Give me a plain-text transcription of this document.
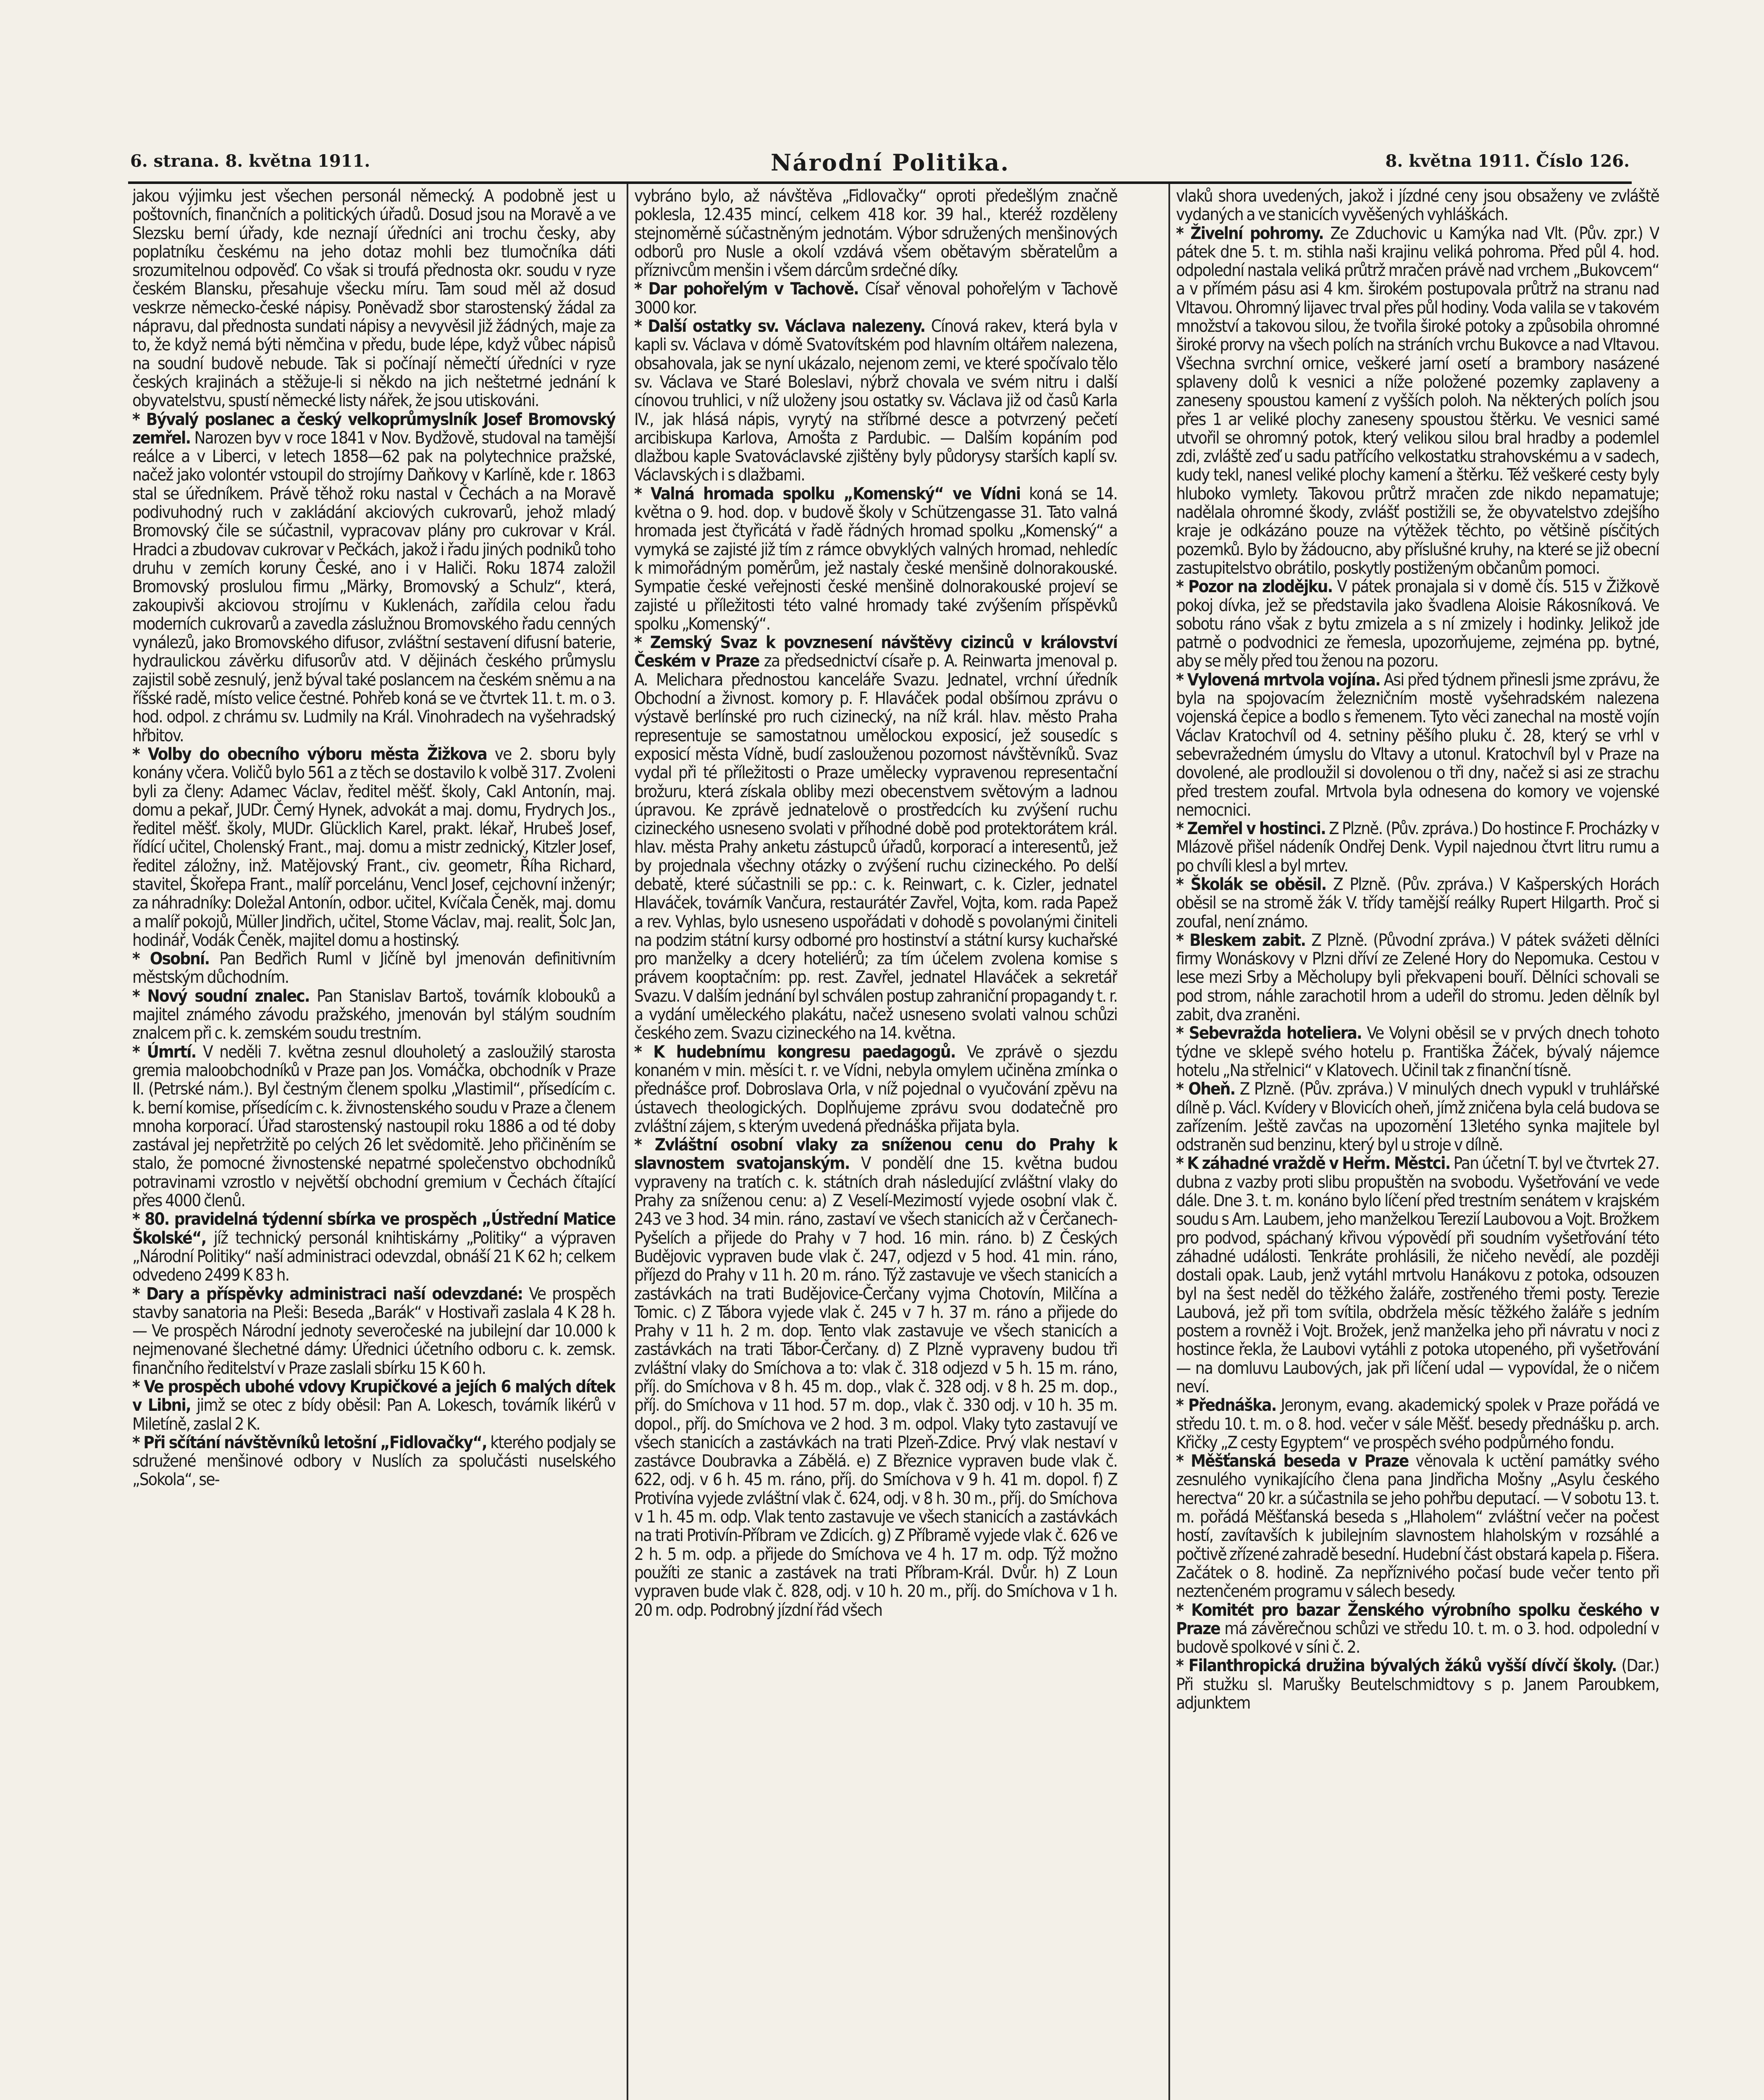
6. strana. 8. května 1911.	Národní Politika.	8. května 1911. Číslo 126.

jakou výjimku jest všechen personál německý. A podobně jest u poštovních, finančních a politických úřadů. Dosud jsou na Moravě a ve Slezsku berní úřady, kde neznají úředníci ani trochu česky, aby poplatníku českému na jeho dotaz mohli bez tlumočníka dáti srozumitelnou odpověď. Co však si troufá přednosta okr. soudu v ryze českém Blansku, přesahuje všecku míru. Tam soud měl až dosud veskrze německo-české nápisy. Poněvadž sbor starostenský žádal za nápravu, dal přednosta sundati nápisy a nevyvěsil již žádných, maje za to, že když nemá býti němčina v předu, bude lépe, když vůbec nápisů na soudní budově nebude. Tak si počínají němečtí úředníci v ryze českých krajinách a stěžuje-li si někdo na jich neštetrné jednání k obyvatelstvu, spustí německé listy nářek, že jsou utiskováni.

* Bývalý poslanec a český velkoprůmyslník Josef Bromovský zemřel. Narozen byv v roce 1841 v Nov. Bydžově, studoval na tamější reálce a v Liberci, v letech 1858—62 pak na polytechnice pražské, načež jako volontér vstoupil do strojírny Daňkovy v Karlíně, kde r. 1863 stal se úředníkem. Právě těhož roku nastal v Čechách a na Moravě podivuhodný ruch v zakládání akciových cukrovarů, jehož mladý Bromovský čile se súčastnil, vypracovav plány pro cukrovar v Král. Hradci a zbudovav cukrovar v Pečkách, jakož i řadu jiných podniků toho druhu v zemích koruny České, ano i v Haliči. Roku 1874 založil Bromovský proslulou firmu „Märky, Bromovský a Schulz“, která, zakoupivši akciovou strojírnu v Kuklenách, zařídila celou řadu moderních cukrovarů a zavedla záslužnou Bromovského řadu cenných vynálezů, jako Bromovského difusor, zvláštní sestavení difusní baterie, hydraulickou závěrku difusorův atd. V dějinách českého průmyslu zajistil sobě zesnulý, jenž býval také poslancem na českém sněmu a na říšské radě, místo velice čestné. Pohřeb koná se ve čtvrtek 11. t. m. o 3. hod. odpol. z chrámu sv. Ludmily na Král. Vinohradech na vyšehradský hřbitov.

* Volby do obecního výboru města Žižkova ve 2. sboru byly konány včera. Voličů bylo 561 a z těch se dostavilo k volbě 317. Zvoleni byli za členy: Adamec Václav, ředitel měšť. školy, Cakl Antonín, maj. domu a pekař, JUDr. Černý Hynek, advokát a maj. domu, Frydrych Jos., ředitel měšť. školy, MUDr. Glücklich Karel, prakt. lékař, Hrubeš Josef, řídící učitel, Cholenský Frant., maj. domu a mistr zednický, Kitzler Josef, ředitel záložny, inž. Matějovský Frant., civ. geometr, Říha Richard, stavitel, Škořepa Frant., malíř porcelánu, Vencl Josef, cejchovní inženýr; za náhradníky: Doležal Antonín, odbor. učitel, Kvíčala Čeněk, maj. domu a malíř pokojů, Müller Jindřich, učitel, Stome Václav, maj. realit, Šolc Jan, hodinář, Vodák Čeněk, majitel domu a hostinský.

* Osobní. Pan Bedřich Ruml v Jičíně byl jmenován definitivním městským důchodním.

* Nový soudní znalec. Pan Stanislav Bartoš, továrník klobouků a majitel známého závodu pražského, jmenován byl stálým soudním znalcem při c. k. zemském soudu trestním.

* Úmrtí. V neděli 7. května zesnul dlouholetý a zasloužilý starosta gremia maloobchodníků v Praze pan Jos. Vomáčka, obchodník v Praze II. (Petrské nám.). Byl čestným členem spolku „Vlastimil“, přísedícím c. k. berní komise, přísedícím c. k. živnostenského soudu v Praze a členem mnoha korporací. Úřad starostenský nastoupil roku 1886 a od té doby zastával jej nepřetržitě po celých 26 let svědomitě. Jeho přičiněním se stalo, že pomocné živnostenské nepatrné společenstvo obchodníků potravinami vzrostlo v největší obchodní gremium v Čechách čítající přes 4000 členů.

* 80. pravidelná týdenní sbírka ve prospěch „Ústřední Matice Školské“, jíž technický personál knihtiskárny „Politiky“ a výpraven „Národní Politiky“ naší administraci odevzdal, obnáší 21 K 62 h; celkem odvedeno 2499 K 83 h.

* Dary a příspěvky administraci naší odevzdané: Ve prospěch stavby sanatoria na Pleši: Beseda „Barák“ v Hostivaři zaslala 4 K 28 h. — Ve prospěch Národní jednoty severočeské na jubilejní dar 10.000 k nejmenované šlechetné dámy: Úřednici účetního odboru c. k. zemsk. finančního ředitelství v Praze zaslali sbírku 15 K 60 h.

* Ve prospěch ubohé vdovy Krupičkové a jejích 6 malých dítek v Libni, jimž se otec z bídy oběsil: Pan A. Lokesch, továrník likérů v Miletíně, zaslal 2 K.

* Při sčítání návštěvníků letošní „Fidlovačky“, kterého podjaly se sdružené menšinové odbory v Nuslích za spolučásti nuselského „Sokola“, se-

vybráno bylo, až návštěva „Fidlovačky“ oproti předešlým značně poklesla, 12.435 mincí, celkem 418 kor. 39 hal., kteréž rozděleny stejnoměrně súčastněným jednotám. Výbor sdružených menšinových odborů pro Nusle a okolí vzdává všem obětavým sběratelům a příznivcům menšin i všem dárcům srdečné díky.

* Dar pohořelým v Tachově. Císař věnoval pohořelým v Tachově 3000 kor.

* Další ostatky sv. Václava nalezeny. Cínová rakev, která byla v kapli sv. Václava v dómě Svatovítském pod hlavním oltářem nalezena, obsahovala, jak se nyní ukázalo, nejenom zemi, ve které spočívalo tělo sv. Václava ve Staré Boleslavi, nýbrž chovala ve svém nitru i další cínovou truhlici, v níž uloženy jsou ostatky sv. Václava již od časů Karla IV., jak hlásá nápis, vyrytý na stříbrné desce a potvrzený pečetí arcibiskupa Karlova, Arnošta z Pardubic. — Dalším kopáním pod dlažbou kaple Svatováclavské zjištěny byly půdorysy starších kaplí sv. Václavských i s dlažbami.

* Valná hromada spolku „Komenský“ ve Vídni koná se 14. května o 9. hod. dop. v budově školy v Schützengasse 31. Tato valná hromada jest čtyřicátá v řadě řádných hromad spolku „Komenský“ a vymyká se zajisté již tím z rámce obvyklých valných hromad, nehledíc k mimořádným poměrům, jež nastaly české menšině dolnorakouské. Sympatie české veřejnosti české menšině dolnorakouské projeví se zajisté u příležitosti této valné hromady také zvýšením příspěvků spolku „Komenský“.

* Zemský Svaz k povznesení návštěvy cizinců v království Českém v Praze za předsednictví císaře p. A. Reinwarta jmenoval p. A. Melichara přednostou kanceláře Svazu. Jednatel, vrchní úředník Obchodní a živnost. komory p. F. Hlaváček podal obšírnou zprávu o výstavě berlínské pro ruch cizinecký, na níž král. hlav. město Praha representuje se samostatnou umělockou exposicí, jež sousedíc s exposicí města Vídně, budí zaslouženou pozornost návštěvníků. Svaz vydal při té příležitosti o Praze umělecky vypravenou representační brožuru, která získala obliby mezi obecenstvem světovým a ladnou úpravou. Ke zprávě jednatelově o prostředcích ku zvýšení ruchu cizineckého usneseno svolati v příhodné době pod protektorátem král. hlav. města Prahy anketu zástupců úřadů, korporací a interesentů, jež by projednala všechny otázky o zvýšení ruchu cizineckého. Po delší debatě, které súčastnili se pp.: c. k. Reinwart, c. k. Cizler, jednatel Hlaváček, továrník Vančura, restaurátér Zavřel, Vojta, kom. rada Papež a rev. Vyhlas, bylo usneseno uspořádati v dohodě s povolanými činiteli na podzim státní kursy odborné pro hostinství a státní kursy kuchařské pro manželky a dcery hoteliérů; za tím účelem zvolena komise s právem kooptačním: pp. rest. Zavřel, jednatel Hlaváček a sekretář Svazu. V dalším jednání byl schválen postup zahraniční propagandy t. r. a vydání uměleckého plakátu, načež usneseno svolati valnou schůzi českého zem. Svazu cizineckého na 14. května.

* K hudebnímu kongresu paedagogů. Ve zprávě o sjezdu konaném v min. měsíci t. r. ve Vídni, nebyla omylem učiněna zmínka o přednášce prof. Dobroslava Orla, v níž pojednal o vyučování zpěvu na ústavech theologických. Doplňujeme zprávu svou dodatečně pro zvláštní zájem, s kterým uvedená přednáška přijata byla.

* Zvláštní osobní vlaky za sníženou cenu do Prahy k slavnostem svatojanským. V pondělí dne 15. května budou vypraveny na tratích c. k. státních drah následující zvláštní vlaky do Prahy za sníženou cenu: a) Z Veselí-Mezimostí vyjede osobní vlak č. 243 ve 3 hod. 34 min. ráno, zastaví ve všech stanicích až v Čerčanech-Pyšelích a přijede do Prahy v 7 hod. 16 min. ráno. b) Z Českých Budějovic vypraven bude vlak č. 247, odjezd v 5 hod. 41 min. ráno, příjezd do Prahy v 11 h. 20 m. ráno. Týž zastavuje ve všech stanicích a zastávkách na trati Budějovice-Čerčany vyjma Chotovín, Milčína a Tomic. c) Z Tábora vyjede vlak č. 245 v 7 h. 37 m. ráno a přijede do Prahy v 11 h. 2 m. dop. Tento vlak zastavuje ve všech stanicích a zastávkách na trati Tábor-Čerčany. d) Z Plzně vypraveny budou tři zvláštní vlaky do Smíchova a to: vlak č. 318 odjezd v 5 h. 15 m. ráno, příj. do Smíchova v 8 h. 45 m. dop., vlak č. 328 odj. v 8 h. 25 m. dop., příj. do Smíchova v 11 hod. 57 m. dop., vlak č. 330 odj. v 10 h. 35 m. dopol., příj. do Smíchova ve 2 hod. 3 m. odpol. Vlaky tyto zastavují ve všech stanicích a zastávkách na trati Plzeň-Zdice. Prvý vlak nestaví v zastávce Doubravka a Zábělá. e) Z Březnice vypraven bude vlak č. 622, odj. v 6 h. 45 m. ráno, příj. do Smíchova v 9 h. 41 m. dopol. f) Z Protivína vyjede zvláštní vlak č. 624, odj. v 8 h. 30 m., příj. do Smíchova v 1 h. 45 m. odp. Vlak tento zastavuje ve všech stanicích a zastávkách na trati Protivín-Příbram ve Zdicích. g) Z Příbramě vyjede vlak č. 626 ve 2 h. 5 m. odp. a přijede do Smíchova ve 4 h. 17 m. odp. Týž možno použíti ze stanic a zastávek na trati Příbram-Král. Dvůr. h) Z Loun vypraven bude vlak č. 828, odj. v 10 h. 20 m., příj. do Smíchova v 1 h. 20 m. odp. Podrobný jízdní řád všech

vlaků shora uvedených, jakož i jízdné ceny jsou obsaženy ve zvláště vydaných a ve stanicích vyvěšených vyhláškách.

* Živelní pohromy. Ze Zduchovic u Kamýka nad Vlt. (Pův. zpr.) V pátek dne 5. t. m. stihla naši krajinu veliká pohroma. Před půl 4. hod. odpolední nastala veliká průtrž mračen právě nad vrchem „Bukovcem“ a v přímém pásu asi 4 km. širokém postupovala průtrž na stranu nad Vltavou. Ohromný lijavec trval přes půl hodiny. Voda valila se v takovém množství a takovou silou, že tvořila široké potoky a způsobila ohromné široké prorvy na všech polích na stráních vrchu Bukovce a nad Vltavou. Všechna svrchní ornice, veškeré jarní osetí a brambory nasázené splaveny dolů k vesnici a níže položené pozemky zaplaveny a zaneseny spoustou kamení z vyšších poloh. Na některých polích jsou přes 1 ar veliké plochy zaneseny spoustou štěrku. Ve vesnici samé utvořil se ohromný potok, který velikou silou bral hradby a podemlel zdi, zvláště zeď u sadu patřícího velkostatku strahovskému a v sadech, kudy tekl, nanesl veliké plochy kamení a štěrku. Též veškeré cesty byly hluboko vymlety. Takovou průtrž mračen zde nikdo nepamatuje; nadělala ohromné škody, zvlášť postižili se, že obyvatelstvo zdejšího kraje je odkázáno pouze na výtěžek těchto, po většině písčitých pozemků. Bylo by žádoucno, aby příslušné kruhy, na které se již obecní zastupitelstvo obrátilo, poskytly postiženým občanům pomoci.

* Pozor na zlodějku. V pátek pronajala si v domě čís. 515 v Žižkově pokoj dívka, jež se představila jako švadlena Aloisie Rákosníková. Ve sobotu ráno však z bytu zmizela a s ní zmizely i hodinky. Jelikož jde patrně o podvodnici ze řemesla, upozorňujeme, zejména pp. bytné, aby se měly před tou ženou na pozoru.

* Vylovená mrtvola vojína. Asi před týdnem přinesli jsme zprávu, že byla na spojovacím železničním mostě vyšehradském nalezena vojenská čepice a bodlo s řemenem. Tyto věci zanechal na mostě vojín Václav Kratochvíl od 4. setniny pěšího pluku č. 28, který se vrhl v sebevražedném úmyslu do Vltavy a utonul. Kratochvíl byl v Praze na dovolené, ale prodloužil si dovolenou o tři dny, načež si asi ze strachu před trestem zoufal. Mrtvola byla odnesena do komory ve vojenské nemocnici.

* Zemřel v hostinci. Z Plzně. (Pův. zpráva.) Do hostince F. Procházky v Mlázově přišel nádeník Ondřej Denk. Vypil najednou čtvrt litru rumu a po chvíli klesl a byl mrtev.

* Školák se oběsil. Z Plzně. (Pův. zpráva.) V Kašperských Horách oběsil se na stromě žák V. třídy tamější reálky Rupert Hilgarth. Proč si zoufal, není známo.

* Bleskem zabit. Z Plzně. (Původní zpráva.) V pátek svážeti dělníci firmy Wonáskovy v Plzni dříví ze Zelené Hory do Nepomuka. Cestou v lese mezi Srby a Měcholupy byli překvapeni bouří. Dělníci schovali se pod strom, náhle zarachotil hrom a udeřil do stromu. Jeden dělník byl zabit, dva zraněni.

* Sebevražda hoteliera. Ve Volyni oběsil se v prvých dnech tohoto týdne ve sklepě svého hotelu p. Františka Žáček, bývalý nájemce hotelu „Na střelnici“ v Klatovech. Učinil tak z finanční tísně.

* Oheň. Z Plzně. (Pův. zpráva.) V minulých dnech vypukl v truhlářské dílně p. Václ. Kvídery v Blovicích oheň, jímž zničena byla celá budova se zařízením. Ještě zavčas na upozornění 13letého synka majitele byl odstraněn sud benzinu, který byl u stroje v dílně.

* K záhadné vraždě v Heřm. Městci. Pan účetní T. byl ve čtvrtek 27. dubna z vazby proti slibu propuštěn na svobodu. Vyšetřování ve vede dále. Dne 3. t. m. konáno bylo líčení před trestním senátem v krajském soudu s Arn. Laubem, jeho manželkou Terezií Laubovou a Vojt. Brožkem pro podvod, spáchaný křivou výpovědí při soudním vyšetřování této záhadné události. Tenkráte prohlásili, že ničeho nevědí, ale později dostali opak. Laub, jenž vytáhl mrtvolu Hanákovu z potoka, odsouzen byl na šest neděl do těžkého žaláře, zostřeného třemi posty. Terezie Laubová, jež při tom svítila, obdržela měsíc těžkého žaláře s jedním postem a rovněž i Vojt. Brožek, jenž manželka jeho při návratu v noci z hostince řekla, že Laubovi vytáhli z potoka utopeného, při vyšetřování — na domluvu Laubových, jak při líčení udal — vypovídal, že o ničem neví.

* Přednáška. Jeronym, evang. akademický spolek v Praze pořádá ve středu 10. t. m. o 8. hod. večer v sále Měšť. besedy přednášku p. arch. Křičky „Z cesty Egyptem“ ve prospěch svého podpůrného fondu.

* Měšťanská beseda v Praze věnovala k uctění památky svého zesnulého vynikajícího člena pana Jindřicha Mošny „Asylu českého herectva“ 20 kr. a súčastnila se jeho pohřbu deputací. — V sobotu 13. t. m. pořádá Měšťanská beseda s „Hlaholem“ zvláštní večer na počest hostí, zavítavších k jubilejním slavnostem hlaholským v rozsáhlé a počtivě zřízené zahradě besední. Hudební část obstará kapela p. Fišera. Začátek o 8. hodině. Za nepříznivého počasí bude večer tento při neztenčeném programu v sálech besedy.

* Komitét pro bazar Ženského výrobního spolku českého v Praze má závěrečnou schůzi ve středu 10. t. m. o 3. hod. odpolední v budově spolkové v síni č. 2.

* Filanthropická družina bývalých žáků vyšší dívčí školy. (Dar.) Při stužku sl. Marušky Beutelschmidtovy s p. Janem Paroubkem, adjunktem
